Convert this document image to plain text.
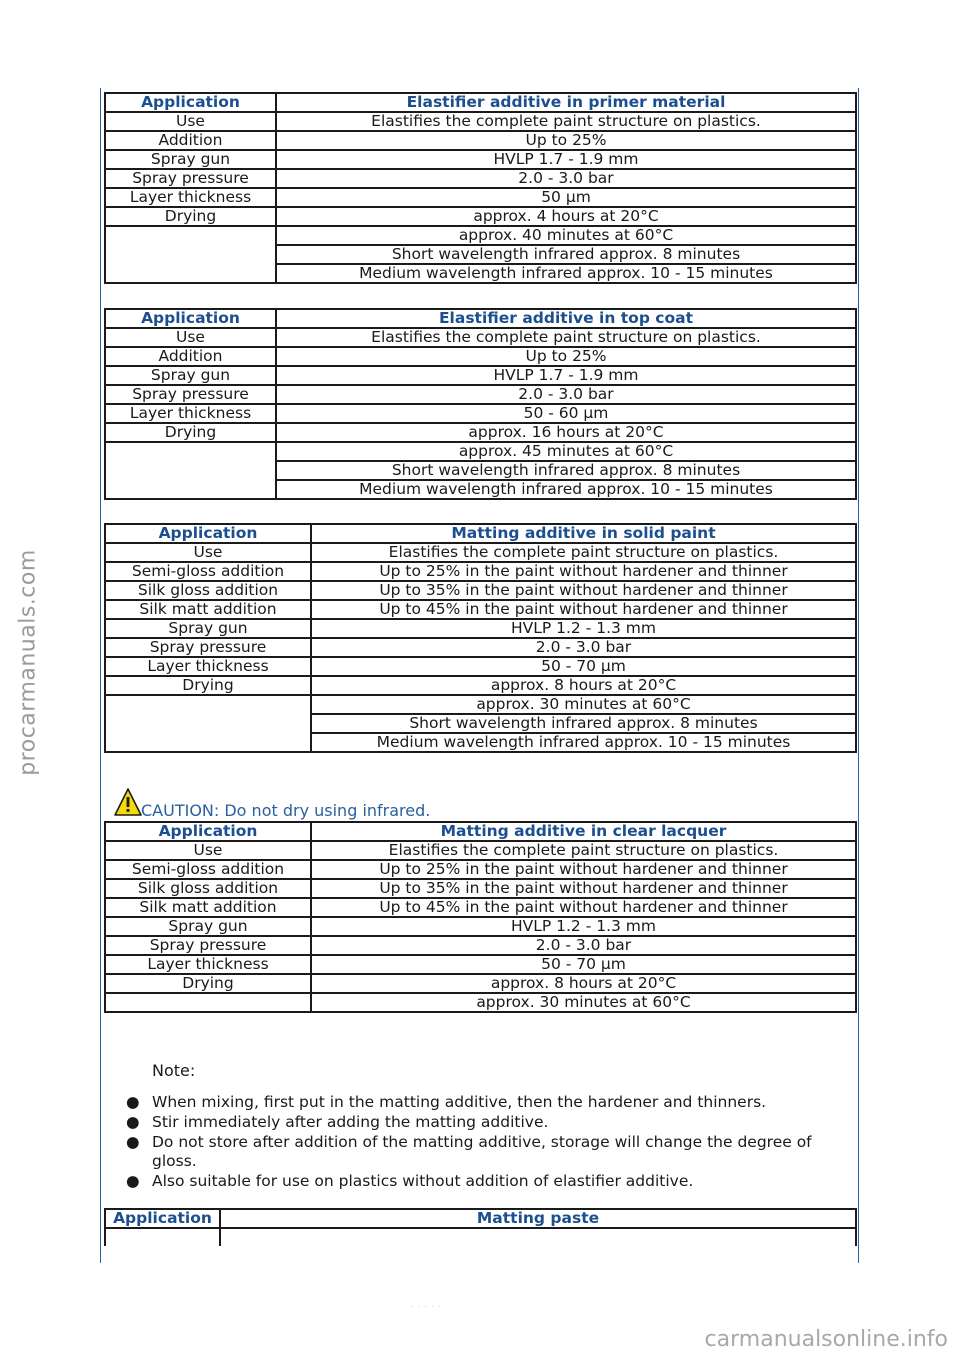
Application	Elastifier additive in primer material
Use	Elastifies the complete paint structure on plastics.
Addition	Up to 25%
Spray gun	HVLP 1.7 - 1.9 mm
Spray pressure	2.0 - 3.0 bar
Layer thickness	50 µm
Drying	approx. 4 hours at 20°C
	approx. 40 minutes at 60°C
	Short wavelength infrared approx. 8 minutes
	Medium wavelength infrared approx. 10 - 15 minutes
Application	Elastifier additive in top coat
Use	Elastifies the complete paint structure on plastics.
Addition	Up to 25%
Spray gun	HVLP 1.7 - 1.9 mm
Spray pressure	2.0 - 3.0 bar
Layer thickness	50 - 60 µm
Drying	approx. 16 hours at 20°C
	approx. 45 minutes at 60°C
	Short wavelength infrared approx. 8 minutes
	Medium wavelength infrared approx. 10 - 15 minutes
Application	Matting additive in solid paint
Use	Elastifies the complete paint structure on plastics.
Semi-gloss addition	Up to 25% in the paint without hardener and thinner
Silk gloss addition	Up to 35% in the paint without hardener and thinner
Silk matt addition	Up to 45% in the paint without hardener and thinner
Spray gun	HVLP 1.2 - 1.3 mm
Spray pressure	2.0 - 3.0 bar
Layer thickness	50 - 70 µm
Drying	approx. 8 hours at 20°C
	approx. 30 minutes at 60°C
	Short wavelength infrared approx. 8 minutes
	Medium wavelength infrared approx. 10 - 15 minutes
CAUTION: Do not dry using infrared.
Application	Matting additive in clear lacquer
Use	Elastifies the complete paint structure on plastics.
Semi-gloss addition	Up to 25% in the paint without hardener and thinner
Silk gloss addition	Up to 35% in the paint without hardener and thinner
Silk matt addition	Up to 45% in the paint without hardener and thinner
Spray gun	HVLP 1.2 - 1.3 mm
Spray pressure	2.0 - 3.0 bar
Layer thickness	50 - 70 µm
Drying	approx. 8 hours at 20°C
	approx. 30 minutes at 60°C
Note:
● When mixing, first put in the matting additive, then the hardener and thinners.
● Stir immediately after adding the matting additive.
● Do not store after addition of the matting additive, storage will change the degree of gloss.
● Also suitable for use on plastics without addition of elastifier additive.
Application	Matting paste

· · · · ·
procarmanuals.com
carmanualsonline.info
